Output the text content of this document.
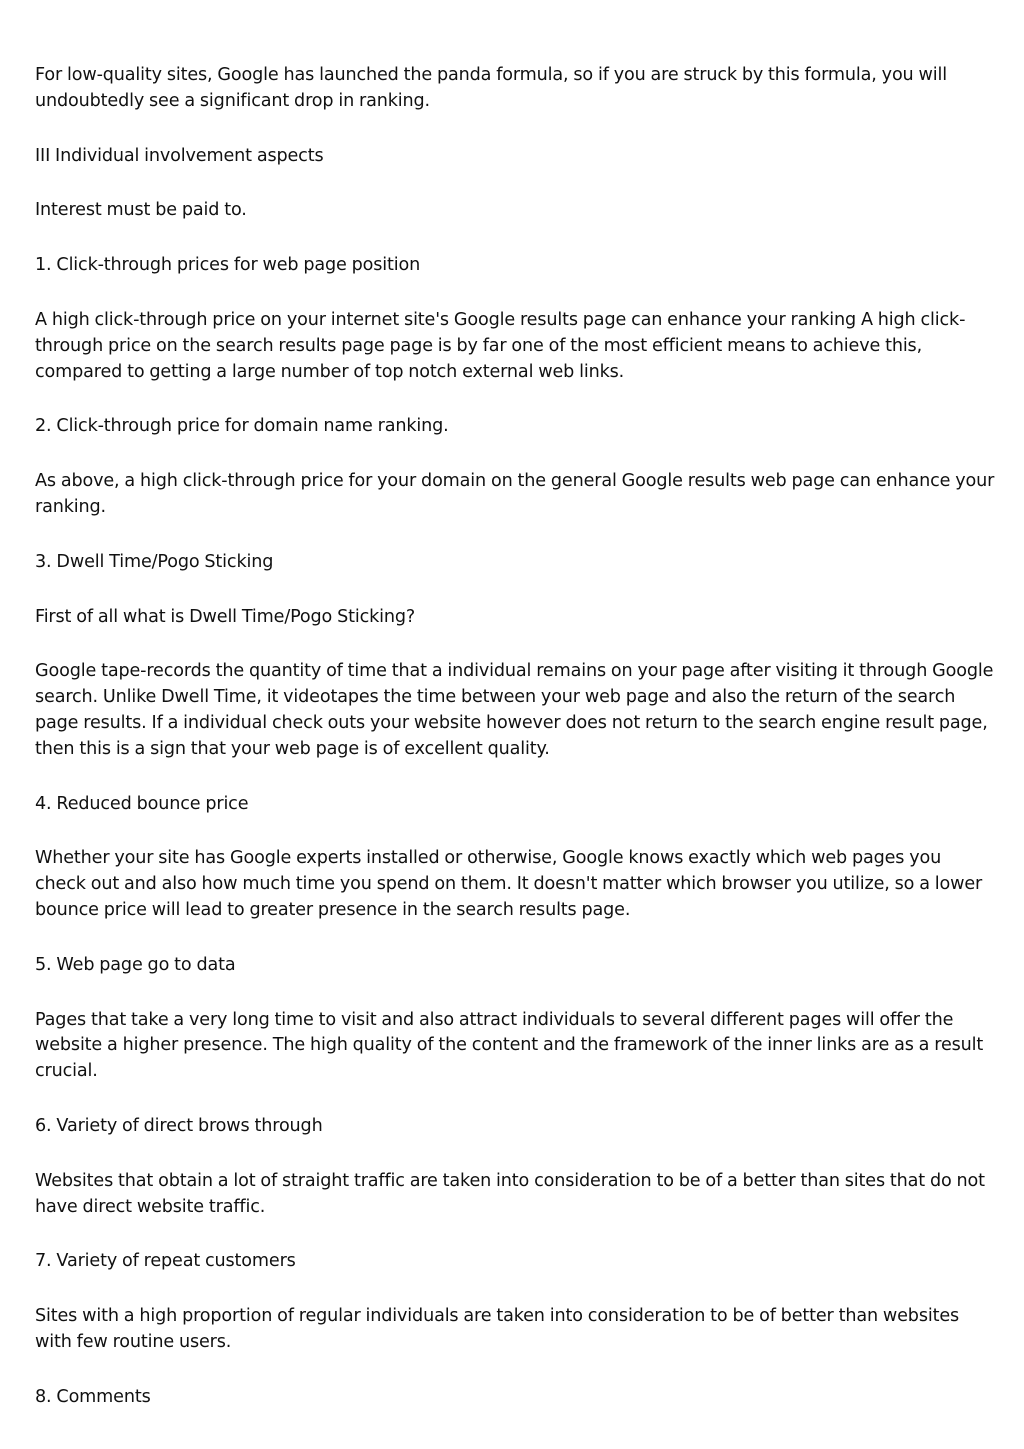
For low-quality sites, Google has launched the panda formula, so if you are struck by this formula, you will undoubtedly see a significant drop in ranking.

III Individual involvement aspects

Interest must be paid to.

1. Click-through prices for web page position

A high click-through price on your internet site's Google results page can enhance your ranking A high click-through price on the search results page page is by far one of the most efficient means to achieve this, compared to getting a large number of top notch external web links.

2. Click-through price for domain name ranking.

As above, a high click-through price for your domain on the general Google results web page can enhance your ranking.

3. Dwell Time/Pogo Sticking

First of all what is Dwell Time/Pogo Sticking?

Google tape-records the quantity of time that a individual remains on your page after visiting it through Google search. Unlike Dwell Time, it videotapes the time between your web page and also the return of the search page results. If a individual check outs your website however does not return to the search engine result page, then this is a sign that your web page is of excellent quality.

4. Reduced bounce price

Whether your site has Google experts installed or otherwise, Google knows exactly which web pages you check out and also how much time you spend on them. It doesn't matter which browser you utilize, so a lower bounce price will lead to greater presence in the search results page.

5. Web page go to data

Pages that take a very long time to visit and also attract individuals to several different pages will offer the website a higher presence. The high quality of the content and the framework of the inner links are as a result crucial.

6. Variety of direct brows through

Websites that obtain a lot of straight traffic are taken into consideration to be of a better than sites that do not have direct website traffic.

7. Variety of repeat customers

Sites with a high proportion of regular individuals are taken into consideration to be of better than websites with few routine users.

8. Comments
